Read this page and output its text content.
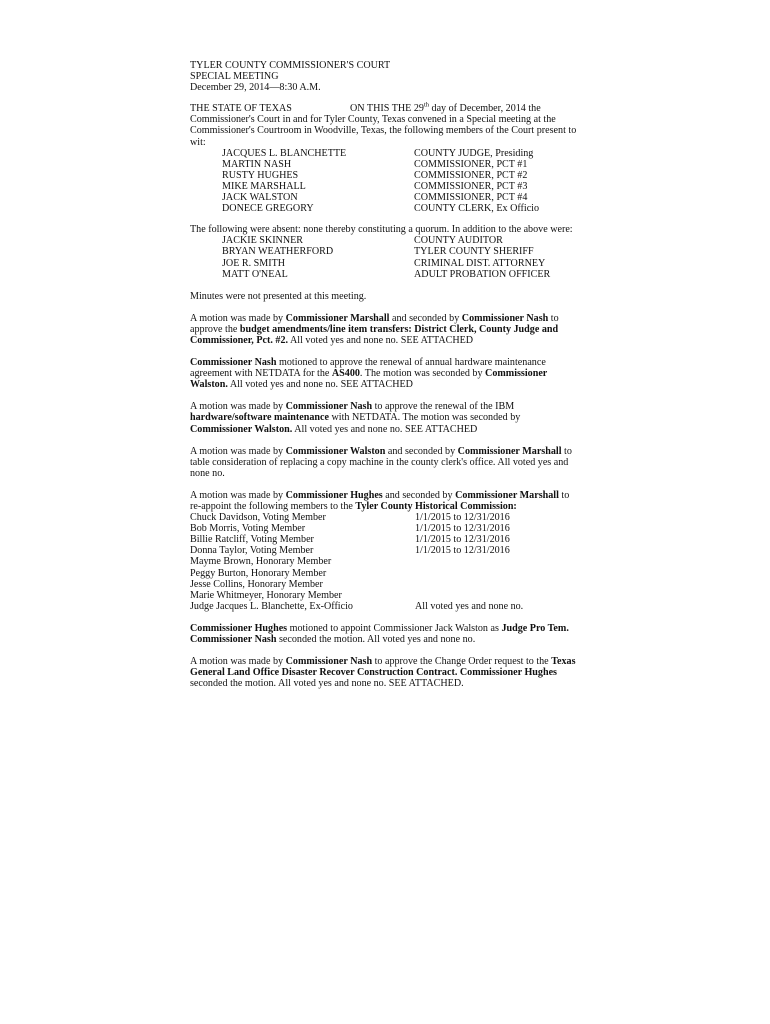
TYLER COUNTY COMMISSIONER'S COURT
SPECIAL MEETING
December 29, 2014—8:30 A.M.

THE STATE OF TEXAS	ON THIS THE 29th day of December, 2014 the Commissioner's Court in and for Tyler County, Texas convened in a Special meeting at the Commissioner's Courtroom in Woodville, Texas, the following members of the Court present to wit:

JACQUES L. BLANCHETTE	COUNTY JUDGE, Presiding
MARTIN NASH	COMMISSIONER, PCT #1
RUSTY HUGHES	COMMISSIONER, PCT #2
MIKE MARSHALL	COMMISSIONER, PCT #3
JACK WALSTON	COMMISSIONER, PCT #4
DONECE GREGORY	COUNTY CLERK, Ex Officio

The following were absent: none thereby constituting a quorum. In addition to the above were:

JACKIE SKINNER	COUNTY AUDITOR
BRYAN WEATHERFORD	TYLER COUNTY SHERIFF
JOE R. SMITH	CRIMINAL DIST. ATTORNEY
MATT O'NEAL	ADULT PROBATION OFFICER

Minutes were not presented at this meeting.

A motion was made by Commissioner Marshall and seconded by Commissioner Nash to approve the budget amendments/line item transfers: District Clerk, County Judge and Commissioner, Pct. #2. All voted yes and none no. SEE ATTACHED

Commissioner Nash motioned to approve the renewal of annual hardware maintenance agreement with NETDATA for the AS400. The motion was seconded by Commissioner Walston. All voted yes and none no. SEE ATTACHED

A motion was made by Commissioner Nash to approve the renewal of the IBM hardware/software maintenance with NETDATA. The motion was seconded by Commissioner Walston. All voted yes and none no. SEE ATTACHED

A motion was made by Commissioner Walston and seconded by Commissioner Marshall to table consideration of replacing a copy machine in the county clerk's office. All voted yes and none no.

A motion was made by Commissioner Hughes and seconded by Commissioner Marshall to re-appoint the following members to the Tyler County Historical Commission:

Chuck Davidson, Voting Member	1/1/2015 to 12/31/2016
Bob Morris, Voting Member	1/1/2015 to 12/31/2016
Billie Ratcliff, Voting Member	1/1/2015 to 12/31/2016
Donna Taylor, Voting Member	1/1/2015 to 12/31/2016
Mayme Brown, Honorary Member
Peggy Burton, Honorary Member
Jesse Collins, Honorary Member
Marie Whitmeyer, Honorary Member
Judge Jacques L. Blanchette, Ex-Officio	All voted yes and none no.

Commissioner Hughes motioned to appoint Commissioner Jack Walston as Judge Pro Tem. Commissioner Nash seconded the motion. All voted yes and none no.

A motion was made by Commissioner Nash to approve the Change Order request to the Texas General Land Office Disaster Recover Construction Contract. Commissioner Hughes seconded the motion. All voted yes and none no. SEE ATTACHED.
